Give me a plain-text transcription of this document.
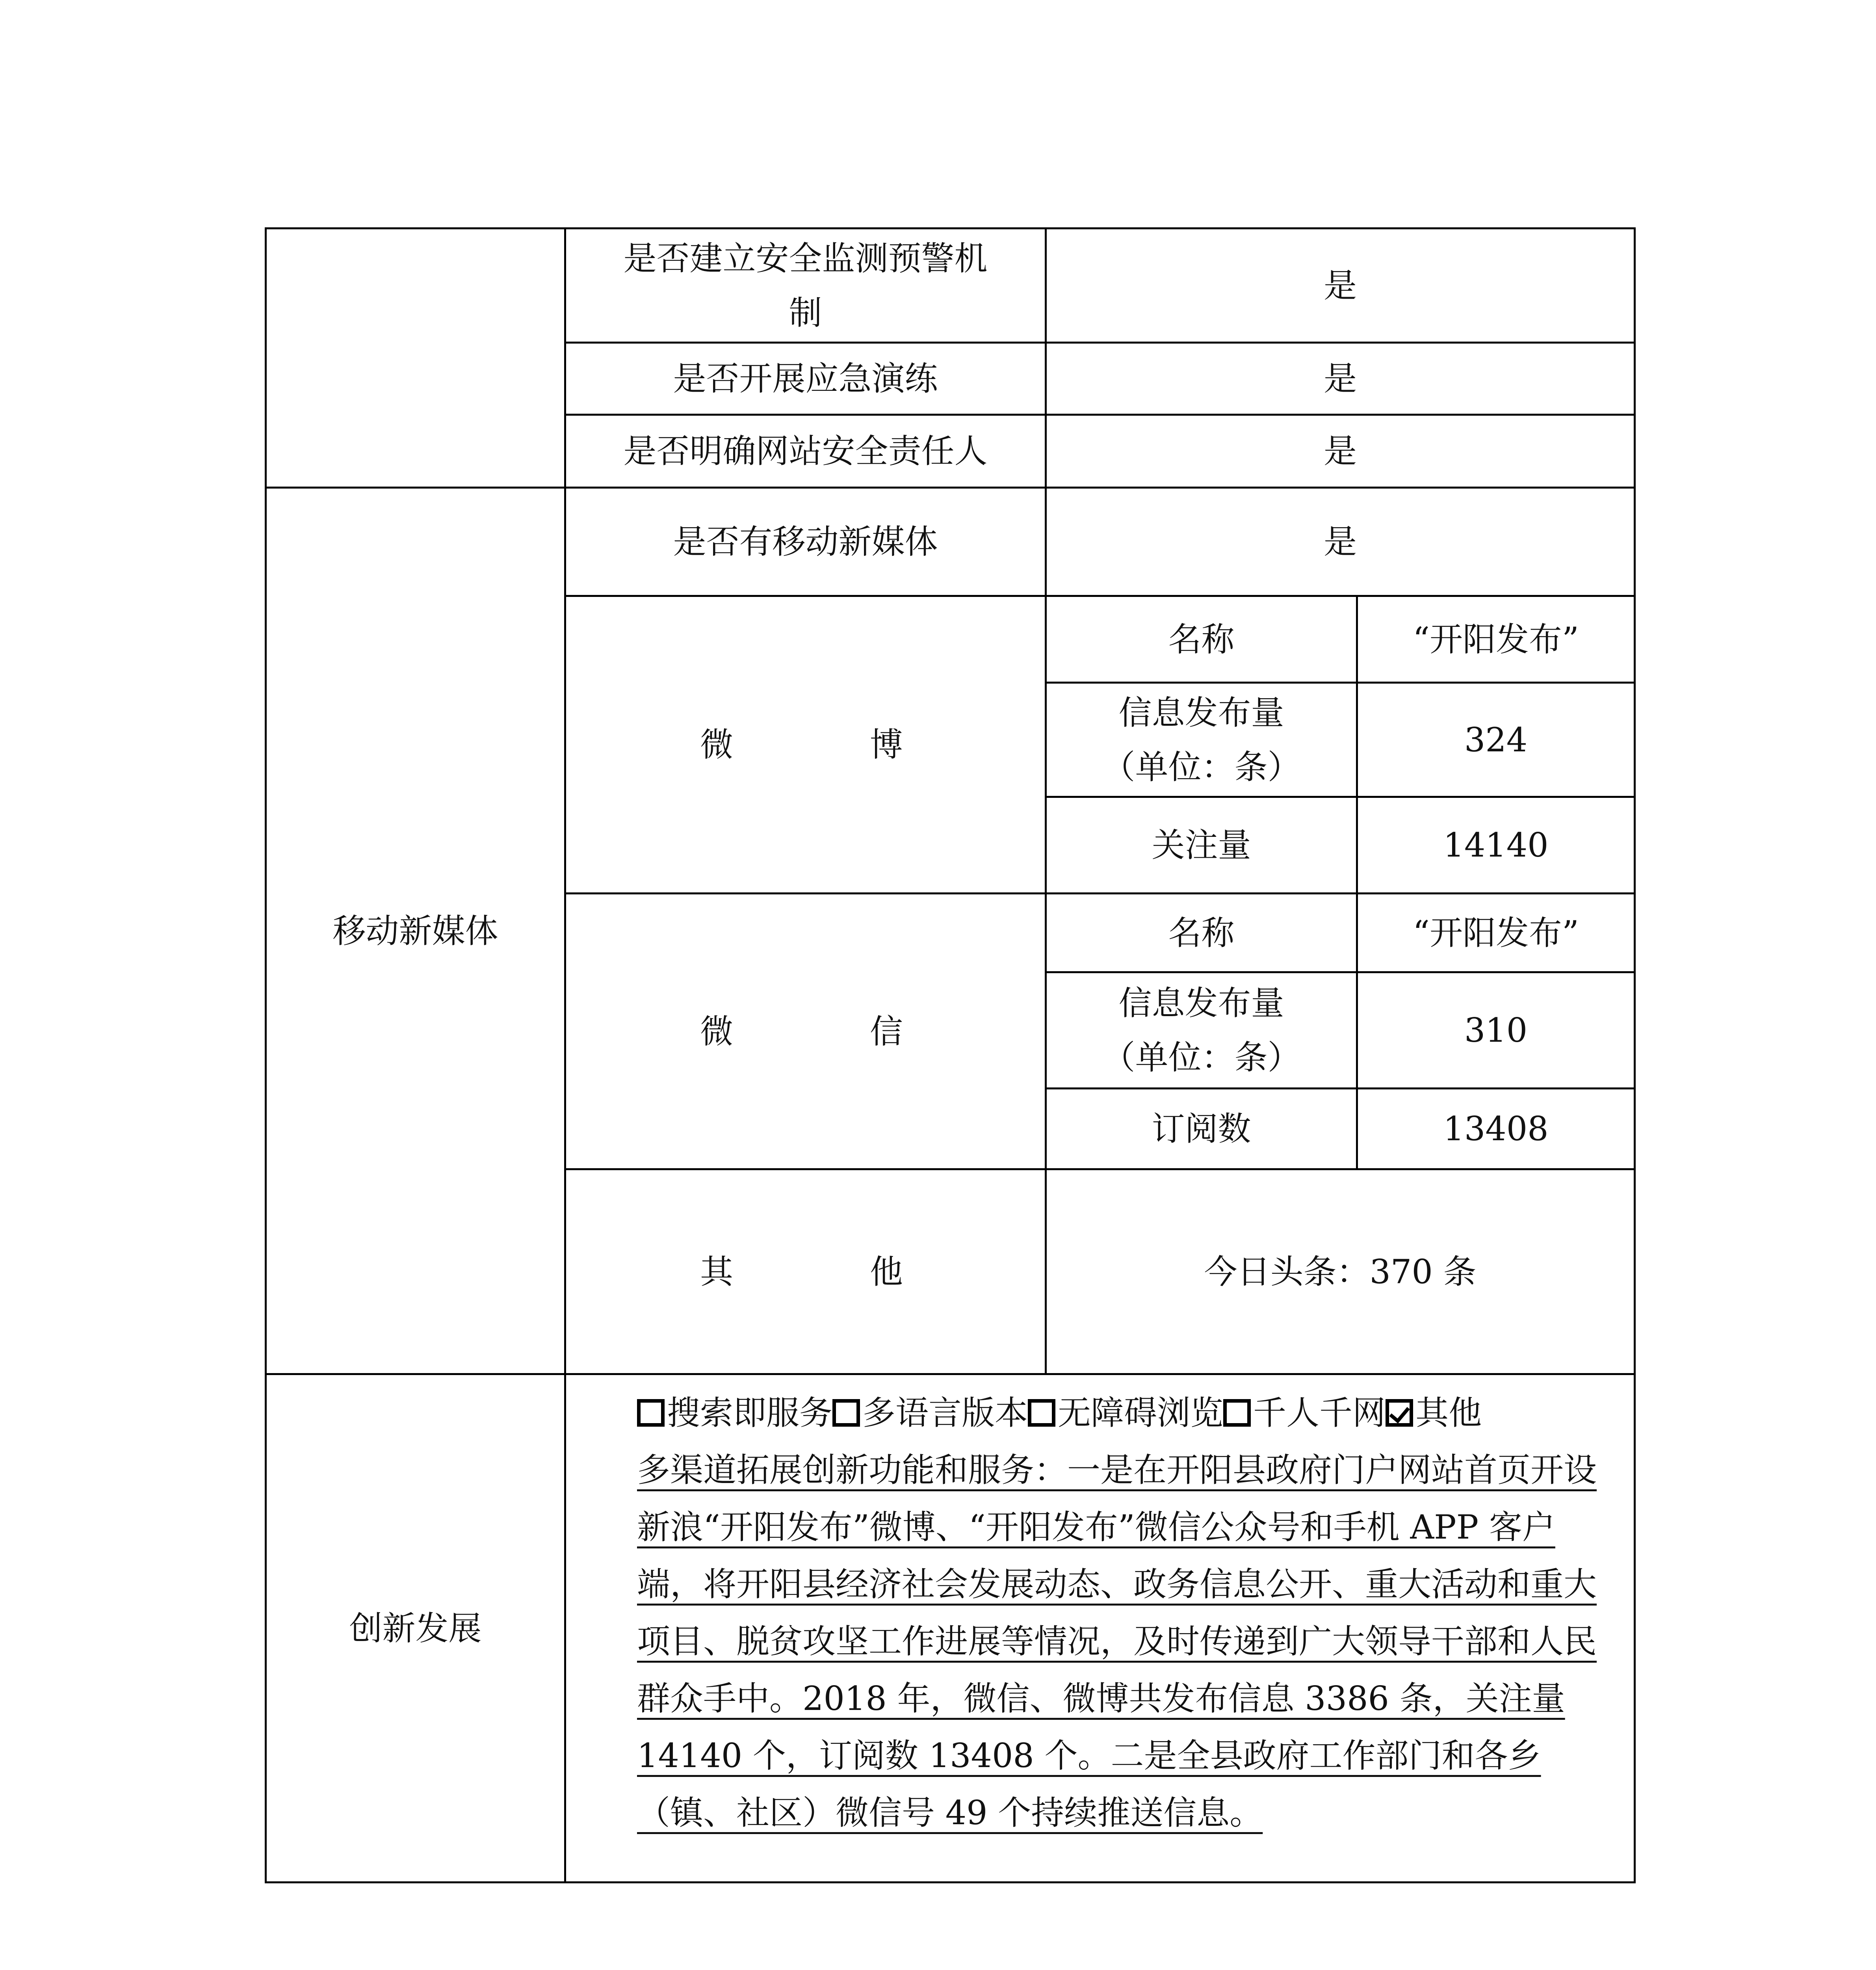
	是否建立安全监测预警机制	是	
	是否开展应急演练	是	
	是否明确网站安全责任人	是	
移动新媒体	是否有移动新媒体	是	
	微 博	名称	“开阳发布”
		信息发布量（单位：条）	324
		关注量	14140
	微 信	名称	“开阳发布”
		信息发布量（单位：条）	310
		订阅数	13408
	其 他	今日头条：370 条	
创新发展	搜索即服务 多语言版本 无障碍浏览 千人千网 其他
多渠道拓展创新功能和服务：一是在开阳县政府门户网站首页开设新浪“开阳发布”微博、“开阳发布”微信公众号和手机 APP 客户端，将开阳县经济社会发展动态、政务信息公开、重大活动和重大项目、脱贫攻坚工作进展等情况，及时传递到广大领导干部和人民群众手中。2018 年，微信、微博共发布信息 3386 条，关注量 14140 个，订阅数 13408 个。二是全县政府工作部门和各乡（镇、社区）微信号 49 个持续推送信息。		
